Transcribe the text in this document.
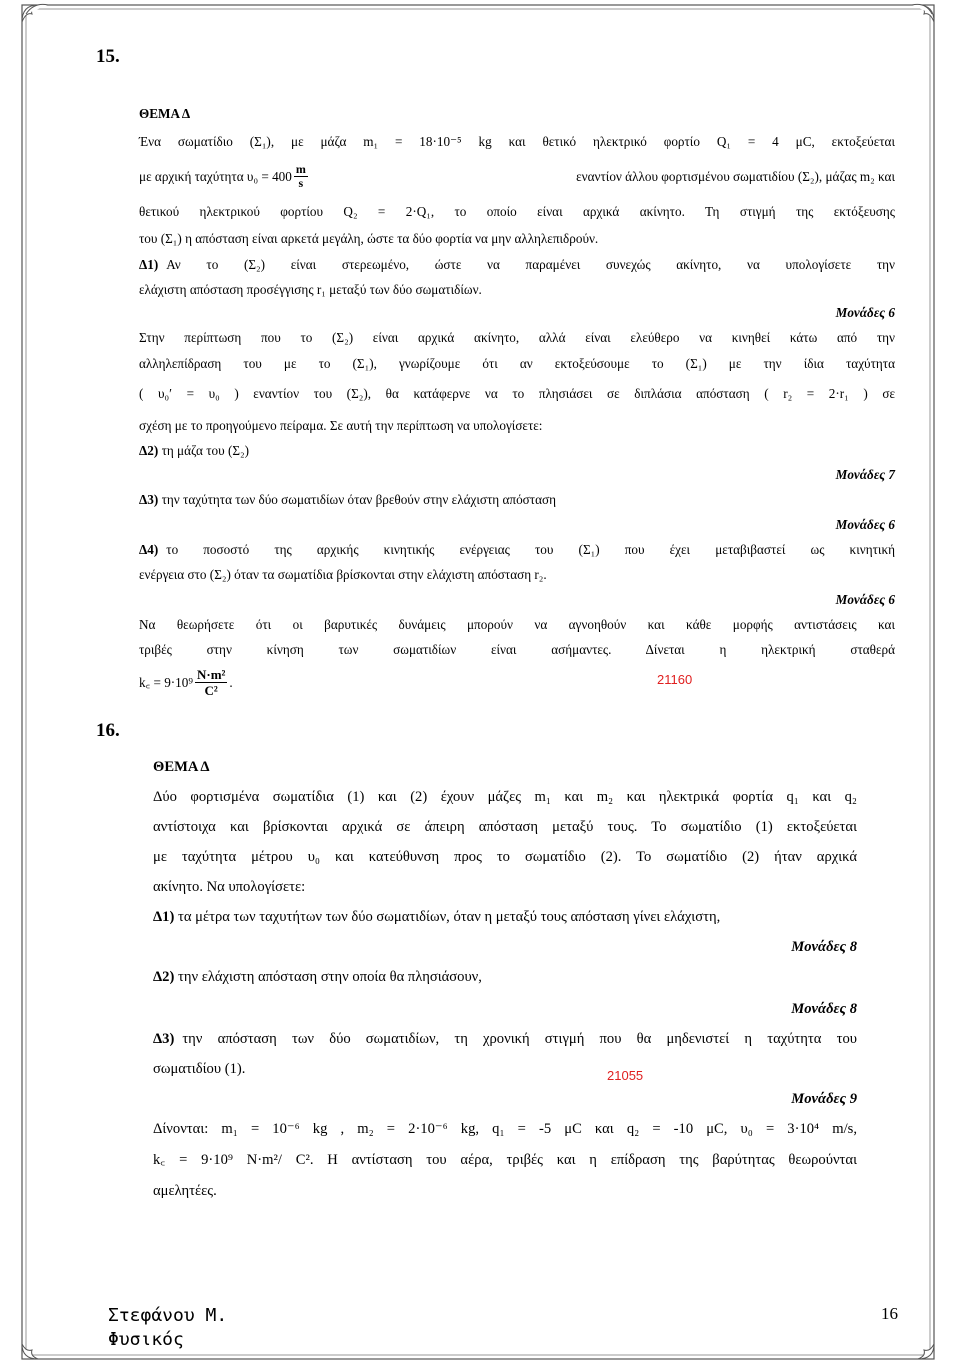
15.
ΘΕΜΑ Δ
Ένα σωματίδιο (Σ₁), με μάζα m₁ = 18·10⁻⁵ kg και θετικό ηλεκτρικό φορτίο Q₁ = 4 μC, εκτοξεύεται
με αρχική ταχύτητα $\upsilon_0 = 400 \frac{m}{s}$	εναντίον άλλου φορτισμένου σωματιδίου (Σ₂), μάζας m₂ και
θετικού ηλεκτρικού φορτίου Q₂ = 2·Q₁, το οποίο είναι αρχικά ακίνητο. Τη στιγμή της εκτόξευσης
του (Σ₁) η απόσταση είναι αρκετά μεγάλη, ώστε τα δύο φορτία να μην αλληλεπιδρούν.
Δ1) Αν το (Σ₂) είναι στερεωμένο, ώστε να παραμένει συνεχώς ακίνητο, να υπολογίσετε την
ελάχιστη απόσταση προσέγγισης r₁ μεταξύ των δύο σωματιδίων.
Μονάδες 6
Στην περίπτωση που το (Σ₂) είναι αρχικά ακίνητο, αλλά είναι ελεύθερο να κινηθεί κάτω από την
αλληλεπίδραση του με το (Σ₁), γνωρίζουμε ότι αν εκτοξεύσουμε το (Σ₁) με την ίδια ταχύτητα
( υ₀′ = υ₀ ) εναντίον του (Σ₂), θα κατάφερνε να το πλησιάσει σε διπλάσια απόσταση ( r₂ = 2·r₁ ) σε
σχέση με το προηγούμενο πείραμα. Σε αυτή την περίπτωση να υπολογίσετε:
Δ2) τη μάζα του (Σ₂)
Μονάδες 7
Δ3) την ταχύτητα των δύο σωματιδίων όταν βρεθούν στην ελάχιστη απόσταση
Μονάδες 6
Δ4) το ποσοστό της αρχικής κινητικής ενέργειας του (Σ₁) που έχει μεταβιβαστεί ως κινητική
ενέργεια στο (Σ₂) όταν τα σωματίδια βρίσκονται στην ελάχιστη απόσταση r₂.
Μονάδες 6
Να θεωρήσετε ότι οι βαρυτικές δυνάμεις μπορούν να αγνοηθούν και κάθε μορφής αντιστάσεις και
τριβές στην κίνηση των σωματιδίων είναι ασήμαντες. Δίνεται η ηλεκτρική σταθερά
k꜀ = $9\cdot 10^9 \frac{\text{N·m²}}{\text{C²}}$ .	21160
16.
ΘΕΜΑ Δ
Δύο φορτισμένα σωματίδια (1) και (2) έχουν μάζες m₁ και m₂ και ηλεκτρικά φορτία q₁ και q₂
αντίστοιχα και βρίσκονται αρχικά σε άπειρη απόσταση μεταξύ τους. Το σωματίδιο (1) εκτοξεύεται
με ταχύτητα μέτρου υ₀ και κατεύθυνση προς το σωματίδιο (2). Το σωματίδιο (2) ήταν αρχικά
ακίνητο. Να υπολογίσετε:
Δ1) τα μέτρα των ταχυτήτων των δύο σωματιδίων, όταν η μεταξύ τους απόσταση γίνει ελάχιστη,
Μονάδες 8
Δ2) την ελάχιστη απόσταση στην οποία θα πλησιάσουν,
Μονάδες 8
Δ3) την απόσταση των δύο σωματιδίων, τη χρονική στιγμή που θα μηδενιστεί η ταχύτητα του
σωματιδίου (1).	21055
Μονάδες 9
Δίνονται: m₁ = 10⁻⁶ kg , m₂ = 2·10⁻⁶ kg, q₁ = -5 μC και q₂ = -10 μC, υ₀ = 3·10⁴ m/s,
k꜀ = 9·10⁹ N·m²/ C². Η αντίσταση του αέρα, τριβές και η επίδραση της βαρύτητας θεωρούνται
αμελητέες.
Στεφάνου Μ.
Φυσικός
16
